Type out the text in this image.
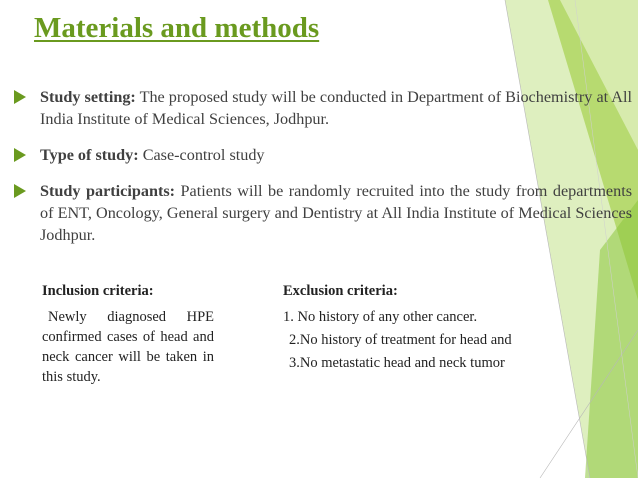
Materials and methods
Study setting: The proposed study will be conducted in Department of Biochemistry at All India Institute of Medical Sciences, Jodhpur.
Type of study: Case-control study
Study participants: Patients will be randomly recruited into the study from departments of ENT, Oncology, General surgery and Dentistry at All India Institute of Medical Sciences Jodhpur.
Inclusion criteria:

Newly diagnosed HPE confirmed cases of head and neck cancer will be taken in this study.

Exclusion criteria:

1. No history of any other cancer.

2.No history of treatment for head and

3.No metastatic head and neck tumor
